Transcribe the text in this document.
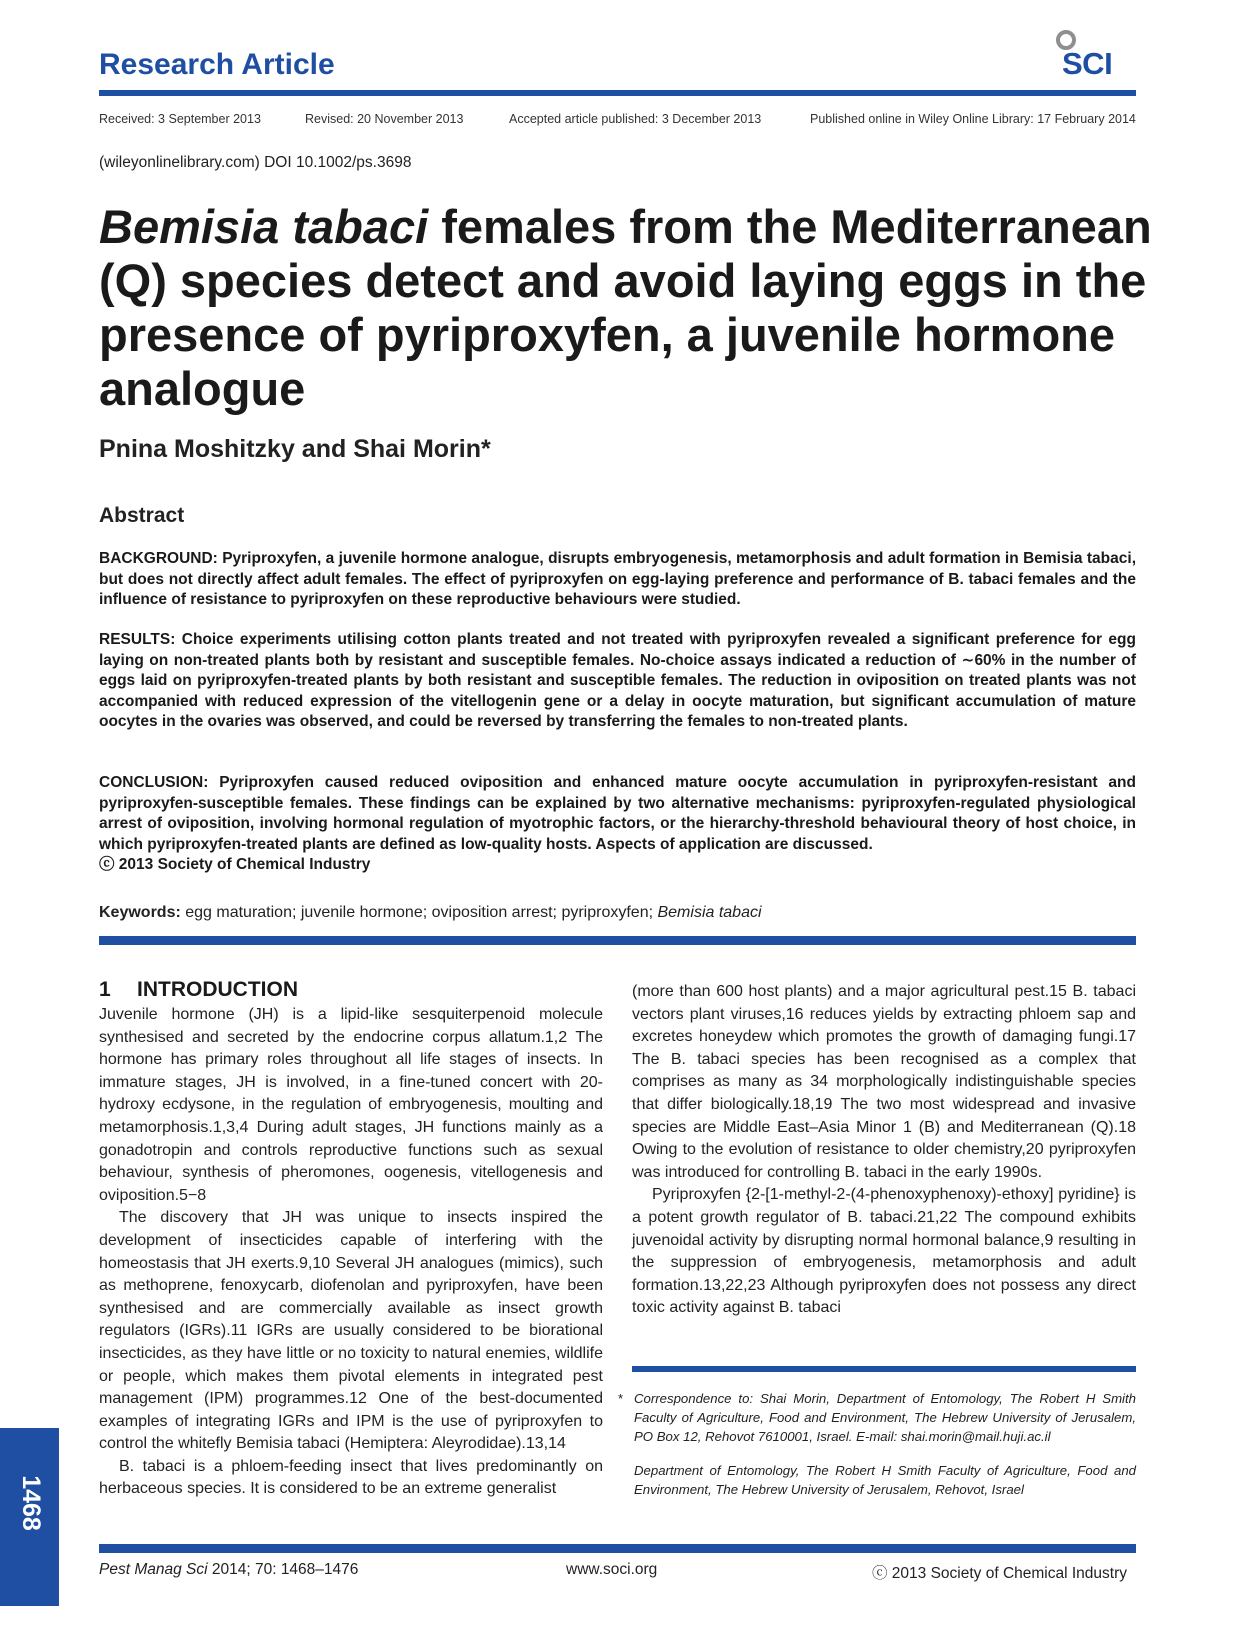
Research Article	SCI
Received: 3 September 2013	Revised: 20 November 2013	Accepted article published: 3 December 2013	Published online in Wiley Online Library: 17 February 2014
(wileyonlinelibrary.com) DOI 10.1002/ps.3698
Bemisia tabaci females from the Mediterranean (Q) species detect and avoid laying eggs in the presence of pyriproxyfen, a juvenile hormone analogue
Pnina Moshitzky and Shai Morin*
Abstract
BACKGROUND: Pyriproxyfen, a juvenile hormone analogue, disrupts embryogenesis, metamorphosis and adult formation in Bemisia tabaci, but does not directly affect adult females. The effect of pyriproxyfen on egg-laying preference and performance of B. tabaci females and the influence of resistance to pyriproxyfen on these reproductive behaviours were studied.
RESULTS: Choice experiments utilising cotton plants treated and not treated with pyriproxyfen revealed a significant preference for egg laying on non-treated plants both by resistant and susceptible females. No-choice assays indicated a reduction of ∼60% in the number of eggs laid on pyriproxyfen-treated plants by both resistant and susceptible females. The reduction in oviposition on treated plants was not accompanied with reduced expression of the vitellogenin gene or a delay in oocyte maturation, but significant accumulation of mature oocytes in the ovaries was observed, and could be reversed by transferring the females to non-treated plants.
CONCLUSION: Pyriproxyfen caused reduced oviposition and enhanced mature oocyte accumulation in pyriproxyfen-resistant and pyriproxyfen-susceptible females. These findings can be explained by two alternative mechanisms: pyriproxyfen-regulated physiological arrest of oviposition, involving hormonal regulation of myotrophic factors, or the hierarchy-threshold behavioural theory of host choice, in which pyriproxyfen-treated plants are defined as low-quality hosts. Aspects of application are discussed.
ⓒ 2013 Society of Chemical Industry
Keywords: egg maturation; juvenile hormone; oviposition arrest; pyriproxyfen; Bemisia tabaci
1 INTRODUCTION

Juvenile hormone (JH) is a lipid-like sesquiterpenoid molecule synthesised and secreted by the endocrine corpus allatum.1,2 The hormone has primary roles throughout all life stages of insects. In immature stages, JH is involved, in a fine-tuned concert with 20-hydroxy ecdysone, in the regulation of embryogenesis, moulting and metamorphosis.1,3,4 During adult stages, JH functions mainly as a gonadotropin and controls reproductive functions such as sexual behaviour, synthesis of pheromones, oogenesis, vitellogenesis and oviposition.5−8

The discovery that JH was unique to insects inspired the development of insecticides capable of interfering with the homeostasis that JH exerts.9,10 Several JH analogues (mimics), such as methoprene, fenoxycarb, diofenolan and pyriproxyfen, have been synthesised and are commercially available as insect growth regulators (IGRs).11 IGRs are usually considered to be biorational insecticides, as they have little or no toxicity to natural enemies, wildlife or people, which makes them pivotal elements in integrated pest management (IPM) programmes.12 One of the best-documented examples of integrating IGRs and IPM is the use of pyriproxyfen to control the whitefly Bemisia tabaci (Hemiptera: Aleyrodidae).13,14

B. tabaci is a phloem-feeding insect that lives predominantly on herbaceous species. It is considered to be an extreme generalist

(more than 600 host plants) and a major agricultural pest.15 B. tabaci vectors plant viruses,16 reduces yields by extracting phloem sap and excretes honeydew which promotes the growth of damaging fungi.17 The B. tabaci species has been recognised as a complex that comprises as many as 34 morphologically indistinguishable species that differ biologically.18,19 The two most widespread and invasive species are Middle East–Asia Minor 1 (B) and Mediterranean (Q).18 Owing to the evolution of resistance to older chemistry,20 pyriproxyfen was introduced for controlling B. tabaci in the early 1990s.

Pyriproxyfen {2-[1-methyl-2-(4-phenoxyphenoxy)-ethoxy] pyridine} is a potent growth regulator of B. tabaci.21,22 The compound exhibits juvenoidal activity by disrupting normal hormonal balance,9 resulting in the suppression of embryogenesis, metamorphosis and adult formation.13,22,23 Although pyriproxyfen does not possess any direct toxic activity against B. tabaci

* Correspondence to: Shai Morin, Department of Entomology, The Robert H Smith Faculty of Agriculture, Food and Environment, The Hebrew University of Jerusalem, PO Box 12, Rehovot 7610001, Israel. E-mail: shai.morin@mail.huji.ac.il

Department of Entomology, The Robert H Smith Faculty of Agriculture, Food and Environment, The Hebrew University of Jerusalem, Rehovot, Israel

1468
Pest Manag Sci 2014; 70: 1468–1476	www.soci.org	ⓒ 2013 Society of Chemical Industry
